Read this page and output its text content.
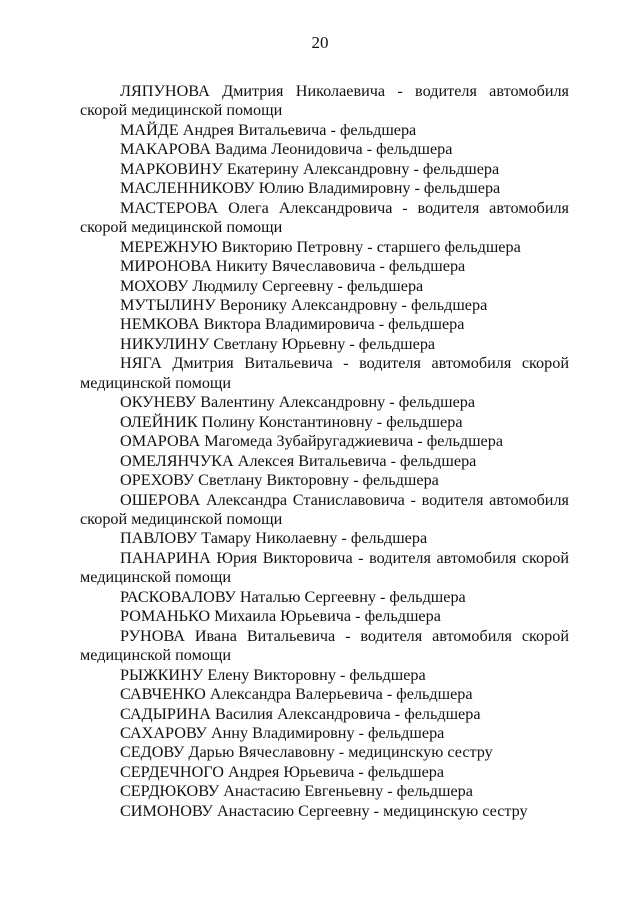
20

ЛЯПУНОВА Дмитрия Николаевича - водителя автомобиля скорой медицинской помощи

МАЙДЕ Андрея Витальевича - фельдшера

МАКАРОВА Вадима Леонидовича - фельдшера

МАРКОВИНУ Екатерину Александровну - фельдшера

МАСЛЕННИКОВУ Юлию Владимировну - фельдшера

МАСТЕРОВА Олега Александровича - водителя автомобиля скорой медицинской помощи

МЕРЕЖНУЮ Викторию Петровну - старшего фельдшера

МИРОНОВА Никиту Вячеславовича - фельдшера

МОХОВУ Людмилу Сергеевну - фельдшера

МУТЫЛИНУ Веронику Александровну - фельдшера

НЕМКОВА Виктора Владимировича - фельдшера

НИКУЛИНУ Светлану Юрьевну - фельдшера

НЯГА Дмитрия Витальевича - водителя автомобиля скорой медицинской помощи

ОКУНЕВУ Валентину Александровну - фельдшера

ОЛЕЙНИК Полину Константиновну - фельдшера

ОМАРОВА Магомеда Зубайругаджиевича - фельдшера

ОМЕЛЯНЧУКА Алексея Витальевича - фельдшера

ОРЕХОВУ Светлану Викторовну - фельдшера

ОШЕРОВА Александра Станиславовича - водителя автомобиля скорой медицинской помощи

ПАВЛОВУ Тамару Николаевну - фельдшера

ПАНАРИНА Юрия Викторовича - водителя автомобиля скорой медицинской помощи

РАСКОВАЛОВУ Наталью Сергеевну - фельдшера

РОМАНЬКО Михаила Юрьевича - фельдшера

РУНОВА Ивана Витальевича - водителя автомобиля скорой медицинской помощи

РЫЖКИНУ Елену Викторовну - фельдшера

САВЧЕНКО Александра Валерьевича - фельдшера

САДЫРИНА Василия Александровича - фельдшера

САХАРОВУ Анну Владимировну - фельдшера

СЕДОВУ Дарью Вячеславовну - медицинскую сестру

СЕРДЕЧНОГО Андрея Юрьевича - фельдшера

СЕРДЮКОВУ Анастасию Евгеньевну - фельдшера

СИМОНОВУ Анастасию Сергеевну - медицинскую сестру
